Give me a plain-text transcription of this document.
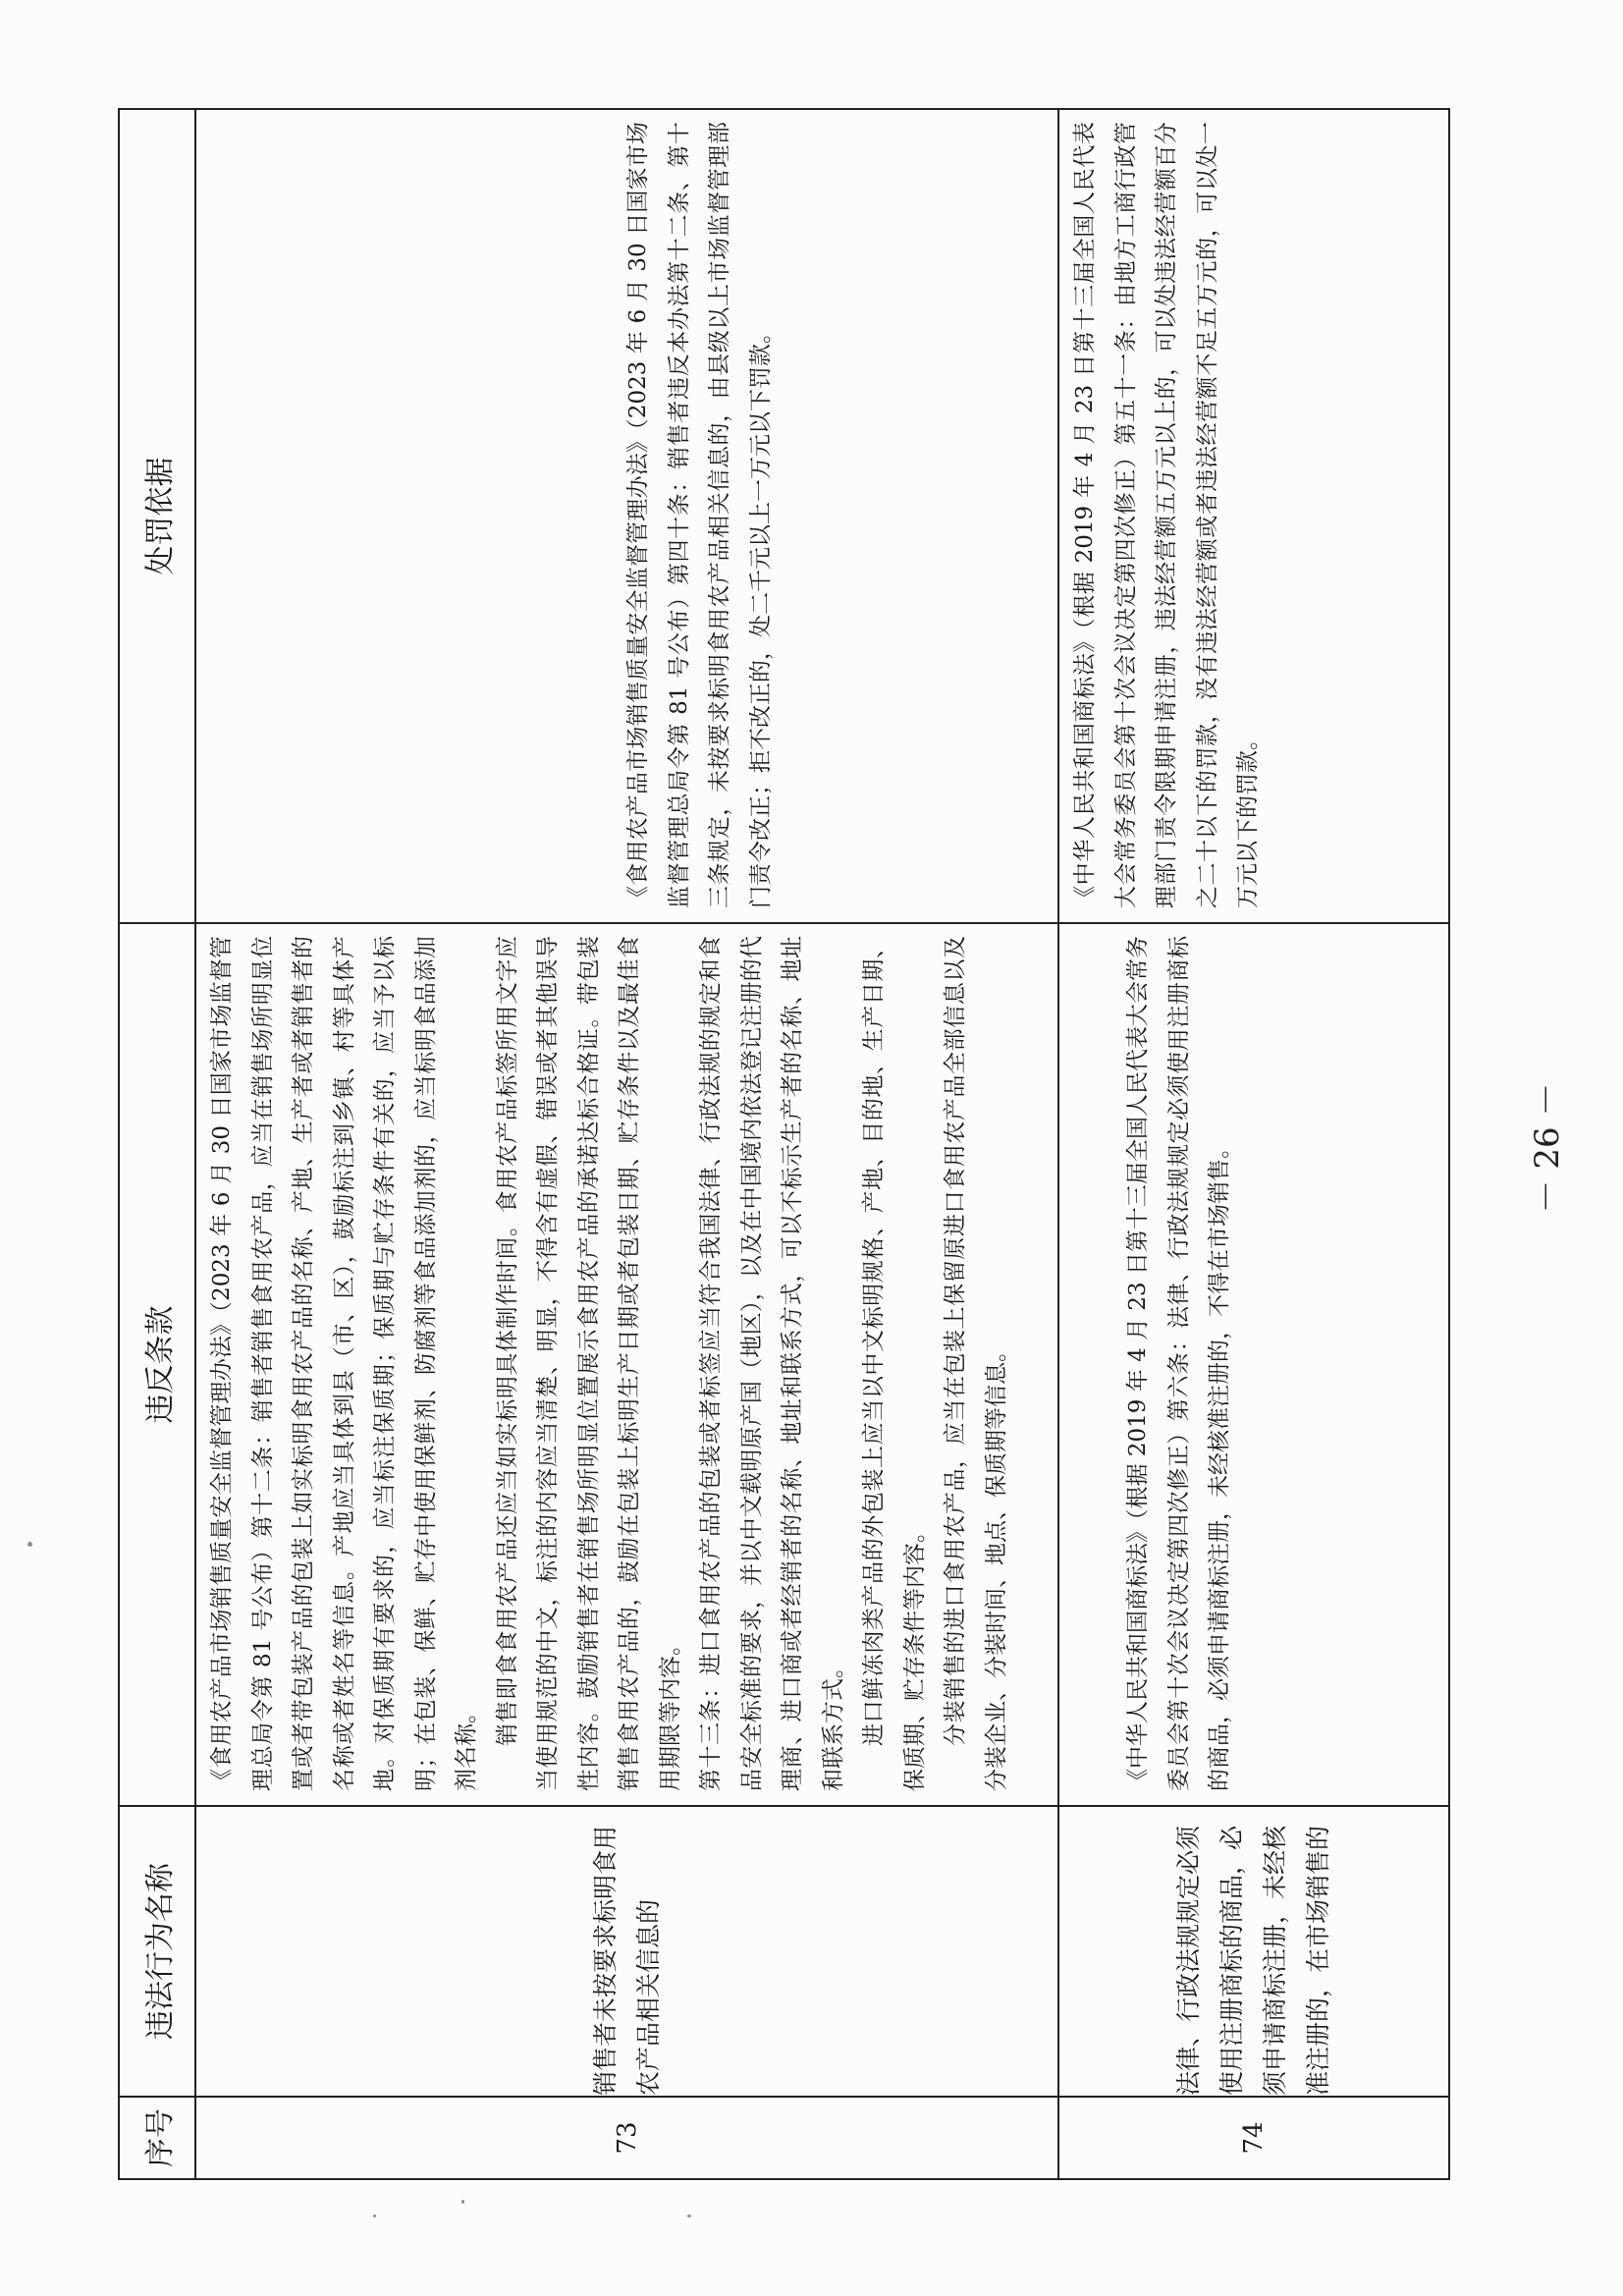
序号	违法行为名称	违反条款	处罚依据
73	销售者未按要求标明食用农产品相关信息的	《食用农产品市场销售质量安全监督管理办法》（2023 年 6 月 30 日国家市场监督管理总局令第 81 号公布）第十二条：销售者销售食用农产品，应当在销售场所明显位置或者带包装产品的包装上如实标明食用农产品的名称、产地、生产者或者销售者的名称或者姓名等信息。产地应当具体到县（市、区），鼓励标注到乡镇、村等具体产地。对保质期有要求的，应当标注保质期；保质期与贮存条件有关的，应当予以标明；在包装、保鲜、贮存中使用保鲜剂、防腐剂等食品添加剂的，应当标明食品添加剂名称。 销售即食食用农产品还应当如实标明具体制作时间。食用农产品标签所用文字应当使用规范的中文，标注的内容应当清楚、明显，不得含有虚假、错误或者其他误导性内容。鼓励销售者在销售场所明显位置展示食用农产品的承诺达标合格证。带包装销售食用农产品的，鼓励在包装上标明生产日期或者包装日期、贮存条件以及最佳食用期限等内容。 第十三条：进口食用农产品的包装或者标签应当符合我国法律、行政法规的规定和食品安全标准的要求，并以中文载明原产国（地区），以及在中国境内依法登记注册的代理商、进口商或者经销者的名称、地址和联系方式，可以不标示生产者的名称、地址和联系方式。 进口鲜冻肉类产品的外包装上应当以中文标明规格、产地、目的地、生产日期、保质期、贮存条件等内容。 分装销售的进口食用农产品，应当在包装上保留原进口食用农产品全部信息以及分装企业、分装时间、地点、保质期等信息。	《食用农产品市场销售质量安全监督管理办法》（2023 年 6 月 30 日国家市场监督管理总局令第 81 号公布）第四十条：销售者违反本办法第十二条、第十三条规定，未按要求标明食用农产品相关信息的，由县级以上市场监督管理部门责令改正；拒不改正的，处二千元以上一万元以下罚款。

74	法律、行政法规规定必须使用注册商标的商品，必须申请商标注册，未经核准注册的，在市场销售的	《中华人民共和国商标法》（根据 2019 年 4 月 23 日第十三届全国人民代表大会常务委员会第十次会议决定第四次修正）第六条：法律、行政法规规定必须使用注册商标的商品，必须申请商标注册，未经核准注册的，不得在市场销售。	《中华人民共和国商标法》（根据 2019 年 4 月 23 日第十三届全国人民代表大会常务委员会第十次会议决定第四次修正）第五十一条：由地方工商行政管理部门责令限期申请注册，违法经营额五万元以上的，可以处违法经营额百分之二十以下的罚款，没有违法经营额或者违法经营额不足五万元的，可以处一万元以下的罚款。
－ 26 －
